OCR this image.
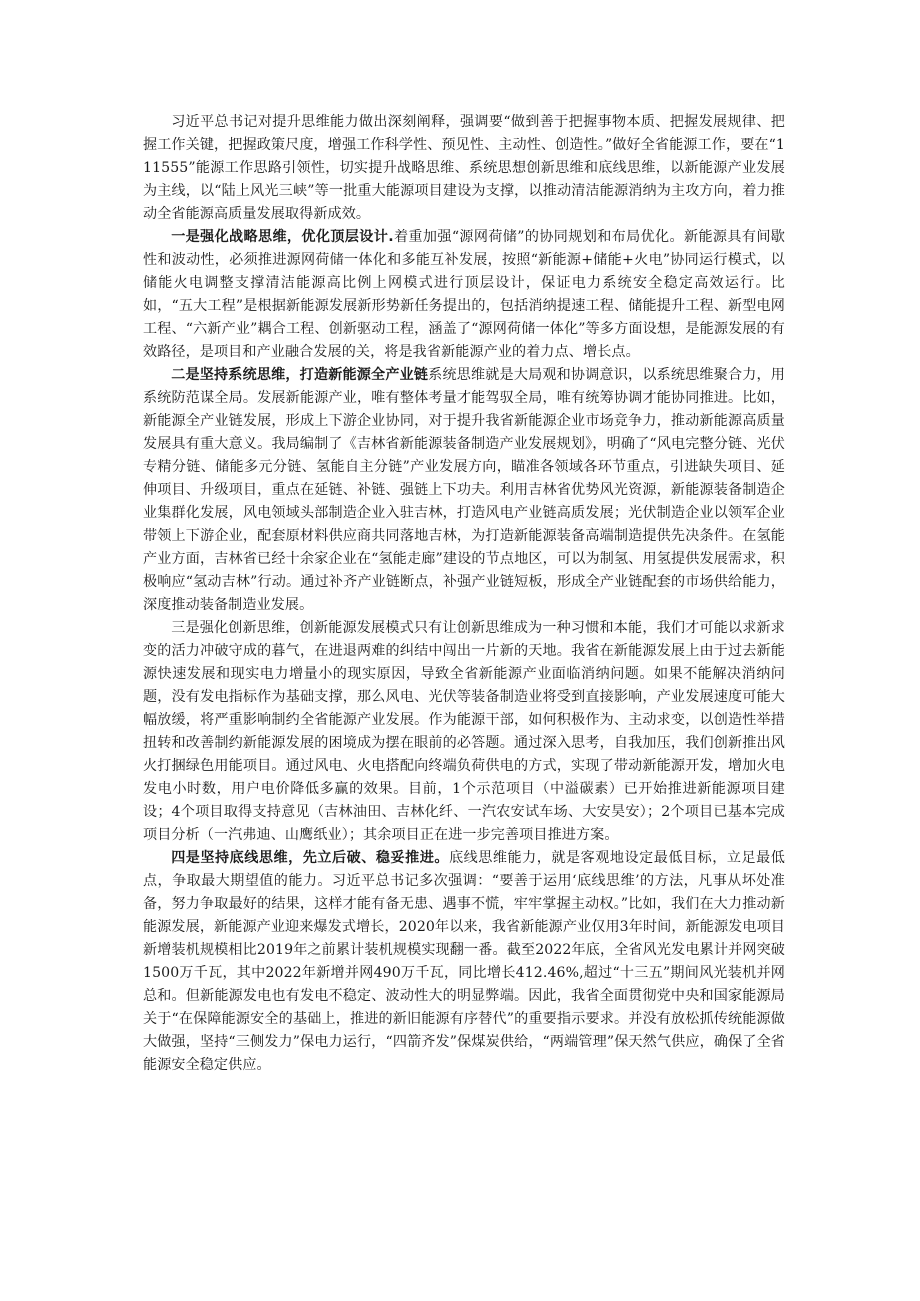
习近平总书记对提升思维能力做出深刻阐释，强调要“做到善于把握事物本质、把握发展规律、把握工作关键，把握政策尺度，增强工作科学性、预见性、主动性、创造性。”做好全省能源工作，要在“111555”能源工作思路引领性，切实提升战略思维、系统思想创新思维和底线思维，以新能源产业发展为主线，以“陆上风光三峡”等一批重大能源项目建设为支撑，以推动清洁能源消纳为主攻方向，着力推动全省能源高质量发展取得新成效。

一是强化战略思维，优化顶层设计.着重加强“源网荷储”的协同规划和布局优化。新能源具有间歇性和波动性，必须推进源网荷储一体化和多能互补发展，按照“新能源+储能+火电”协同运行模式，以储能火电调整支撑清洁能源高比例上网模式进行顶层设计，保证电力系统安全稳定高效运行。比如，“五大工程”是根据新能源发展新形势新任务提出的，包括消纳提速工程、储能提升工程、新型电网工程、“六新产业”耦合工程、创新驱动工程，涵盖了“源网荷储一体化”等多方面设想，是能源发展的有效路径，是项目和产业融合发展的关，将是我省新能源产业的着力点、增长点。

二是坚持系统思维，打造新能源全产业链系统思维就是大局观和协调意识，以系统思维聚合力，用系统防范谋全局。发展新能源产业，唯有整体考量才能驾驭全局，唯有统筹协调才能协同推进。比如，新能源全产业链发展，形成上下游企业协同，对于提升我省新能源企业市场竞争力，推动新能源高质量发展具有重大意义。我局编制了《吉林省新能源装备制造产业发展规划》，明确了“风电完整分链、光伏专精分链、储能多元分链、氢能自主分链”产业发展方向，瞄准各领域各环节重点，引进缺失项目、延伸项目、升级项目，重点在延链、补链、强链上下功夫。利用吉林省优势风光资源，新能源装备制造企业集群化发展，风电领域头部制造企业入驻吉林，打造风电产业链高质发展；光伏制造企业以领军企业带领上下游企业，配套原材料供应商共同落地吉林，为打造新能源装备高端制造提供先决条件。在氢能产业方面，吉林省已经十余家企业在“氢能走廊”建设的节点地区，可以为制氢、用氢提供发展需求，积极响应“氢动吉林”行动。通过补齐产业链断点，补强产业链短板，形成全产业链配套的市场供给能力，深度推动装备制造业发展。

三是强化创新思维，创新能源发展模式只有让创新思维成为一种习惯和本能，我们才可能以求新求变的活力冲破守成的暮气，在进退两难的纠结中闯出一片新的天地。我省在新能源发展上由于过去新能源快速发展和现实电力增量小的现实原因，导致全省新能源产业面临消纳问题。如果不能解决消纳问题，没有发电指标作为基础支撑，那么风电、光伏等装备制造业将受到直接影响，产业发展速度可能大幅放缓，将严重影响制约全省能源产业发展。作为能源干部，如何积极作为、主动求变，以创造性举措扭转和改善制约新能源发展的困境成为摆在眼前的必答题。通过深入思考，自我加压，我们创新推出风火打捆绿色用能项目。通过风电、火电搭配向终端负荷供电的方式，实现了带动新能源开发，增加火电发电小时数，用户电价降低多赢的效果。目前，1个示范项目（中溢碳素）已开始推进新能源项目建设；4个项目取得支持意见（吉林油田、吉林化纤、一汽农安试车场、大安昊安）；2个项目已基本完成项目分析（一汽弗迪、山鹰纸业）；其余项目正在进一步完善项目推进方案。

四是坚持底线思维，先立后破、稳妥推进。底线思维能力，就是客观地设定最低目标，立足最低点，争取最大期望值的能力。习近平总书记多次强调：“要善于运用‘底线思维’的方法，凡事从坏处准备，努力争取最好的结果，这样才能有备无患、遇事不慌，牢牢掌握主动权。”比如，我们在大力推动新能源发展，新能源产业迎来爆发式增长，2020年以来，我省新能源产业仅用3年时间，新能源发电项目新增装机规模相比2019年之前累计装机规模实现翻一番。截至2022年底，全省风光发电累计并网突破1500万千瓦，其中2022年新增并网490万千瓦，同比增长412.46%,超过“十三五”期间风光装机并网总和。但新能源发电也有发电不稳定、波动性大的明显弊端。因此，我省全面贯彻党中央和国家能源局关于“在保障能源安全的基础上，推进的新旧能源有序替代”的重要指示要求。并没有放松抓传统能源做大做强，坚持“三侧发力”保电力运行，“四箭齐发”保煤炭供给，“两端管理”保天然气供应，确保了全省能源安全稳定供应。
